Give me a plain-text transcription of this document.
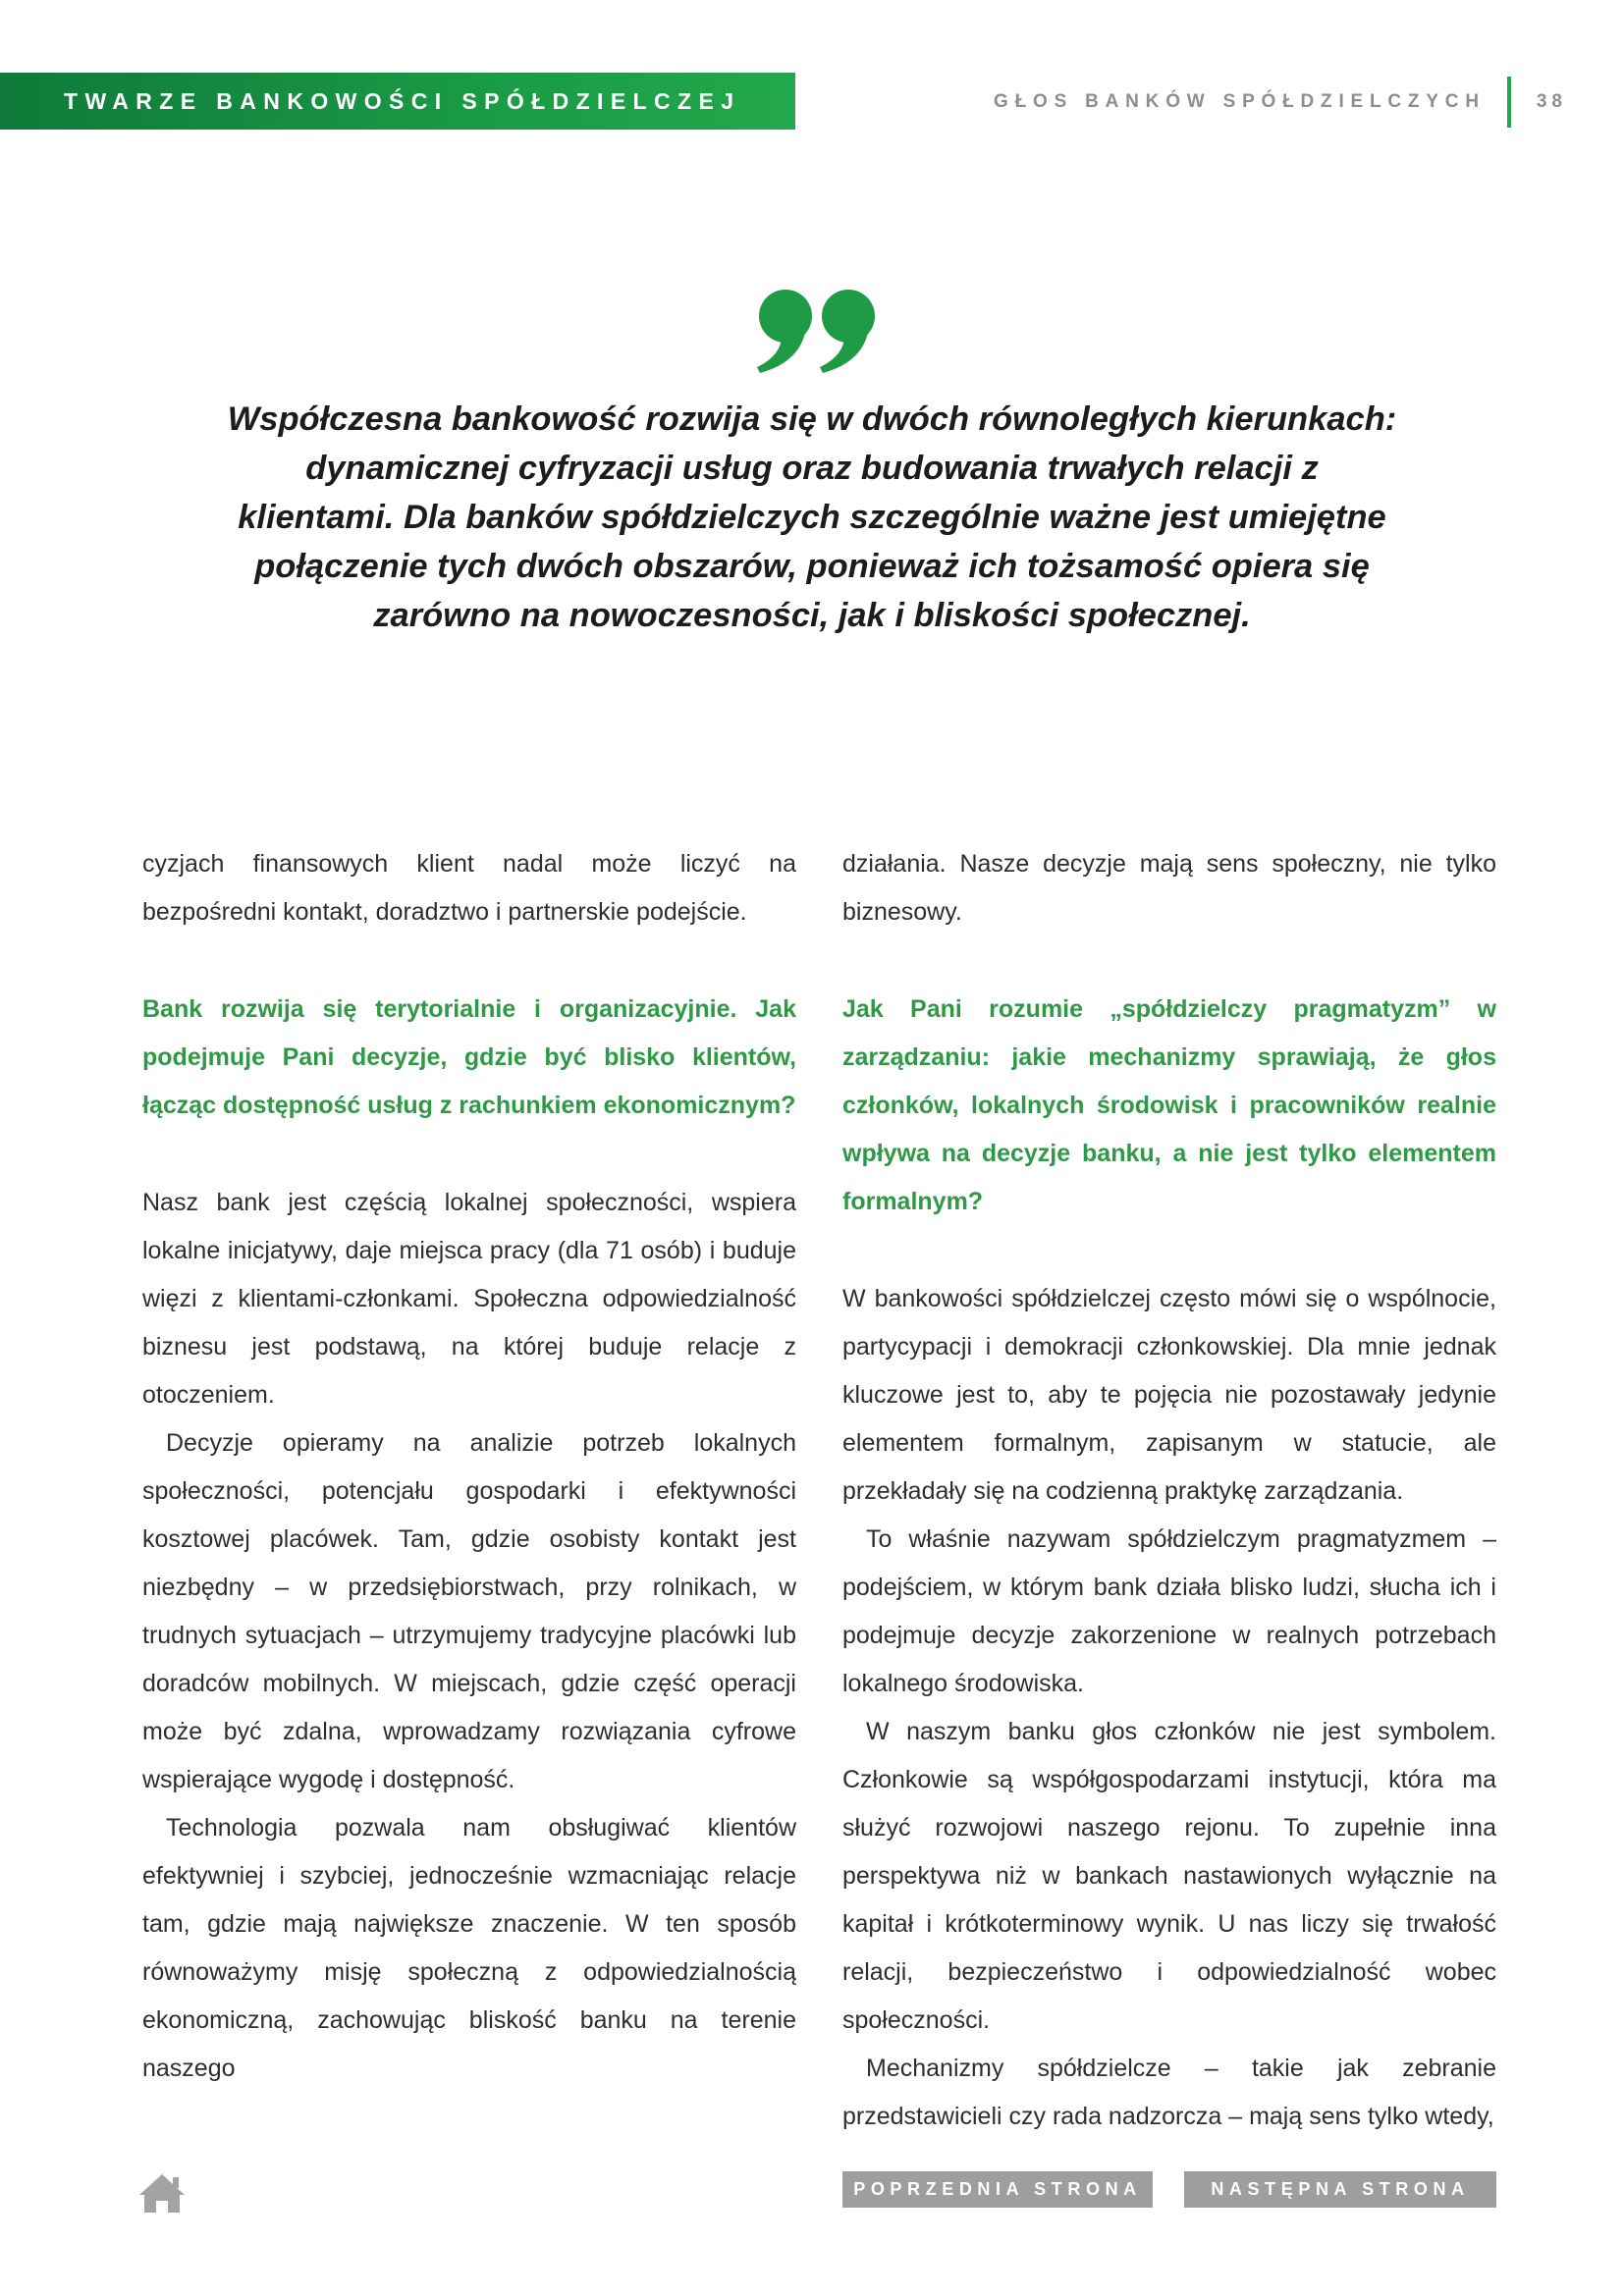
TWARZE BANKOWOŚCI SPÓŁDZIELCZEJ	GŁOS BANKÓW SPÓŁDZIELCZYCH	38

Współczesna bankowość rozwija się w dwóch równoległych kierunkach: dynamicznej cyfryzacji usług oraz budowania trwałych relacji z klientami. Dla banków spółdzielczych szczególnie ważne jest umiejętne połączenie tych dwóch obszarów, ponieważ ich tożsamość opiera się zarówno na nowoczesności, jak i bliskości społecznej.

cyzjach finansowych klient nadal może liczyć na bezpośredni kontakt, doradztwo i partnerskie podejście.

Bank rozwija się terytorialnie i organizacyjnie. Jak podejmuje Pani decyzje, gdzie być blisko klientów, łącząc dostępność usług z rachunkiem ekonomicznym?

Nasz bank jest częścią lokalnej społeczności, wspiera lokalne inicjatywy, daje miejsca pracy (dla 71 osób) i buduje więzi z klientami-członkami. Społeczna odpowiedzialność biznesu jest podstawą, na której buduje relacje z otoczeniem.

Decyzje opieramy na analizie potrzeb lokalnych społeczności, potencjału gospodarki i efektywności kosztowej placówek. Tam, gdzie osobisty kontakt jest niezbędny – w przedsiębiorstwach, przy rolnikach, w trudnych sytuacjach – utrzymujemy tradycyjne placówki lub doradców mobilnych. W miejscach, gdzie część operacji może być zdalna, wprowadzamy rozwiązania cyfrowe wspierające wygodę i dostępność.

Technologia pozwala nam obsługiwać klientów efektywniej i szybciej, jednocześnie wzmacniając relacje tam, gdzie mają największe znaczenie. W ten sposób równoważymy misję społeczną z odpowiedzialnością ekonomiczną, zachowując bliskość banku na terenie naszego

działania. Nasze decyzje mają sens społeczny, nie tylko biznesowy.

Jak Pani rozumie „spółdzielczy pragmatyzm” w zarządzaniu: jakie mechanizmy sprawiają, że głos członków, lokalnych środowisk i pracowników realnie wpływa na decyzje banku, a nie jest tylko elementem formalnym?

W bankowości spółdzielczej często mówi się o wspólnocie, partycypacji i demokracji członkowskiej. Dla mnie jednak kluczowe jest to, aby te pojęcia nie pozostawały jedynie elementem formalnym, zapisanym w statucie, ale przekładały się na codzienną praktykę zarządzania.

To właśnie nazywam spółdzielczym pragmatyzmem – podejściem, w którym bank działa blisko ludzi, słucha ich i podejmuje decyzje zakorzenione w realnych potrzebach lokalnego środowiska.

W naszym banku głos członków nie jest symbolem. Członkowie są współgospodarzami instytucji, która ma służyć rozwojowi naszego rejonu. To zupełnie inna perspektywa niż w bankach nastawionych wyłącznie na kapitał i krótkoterminowy wynik. U nas liczy się trwałość relacji, bezpieczeństwo i odpowiedzialność wobec społeczności.

Mechanizmy spółdzielcze – takie jak zebranie przedstawicieli czy rada nadzorcza – mają sens tylko wtedy,

POPRZEDNIA STRONA	NASTĘPNA STRONA
